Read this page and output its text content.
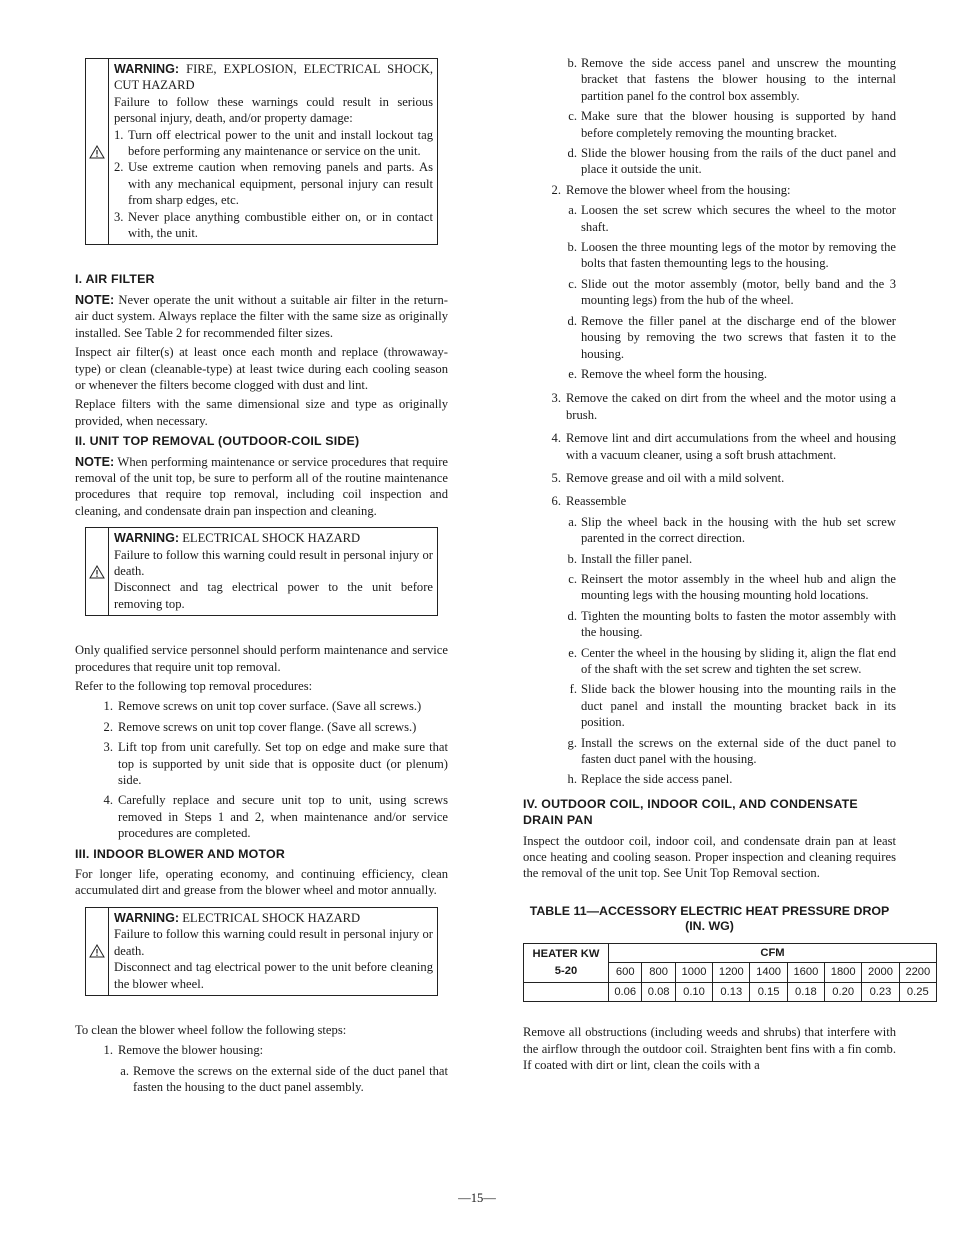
WARNING: FIRE, EXPLOSION, ELECTRICAL SHOCK, CUT HAZARD

Failure to follow these warnings could result in serious personal injury, death, and/or property damage:

1. Turn off electrical power to the unit and install lockout tag before performing any maintenance or service on the unit.
2. Use extreme caution when removing panels and parts. As with any mechanical equipment, personal injury can result from sharp edges, etc.
3. Never place anything combustible either on, or in contact with, the unit.
I. AIR FILTER

NOTE: Never operate the unit without a suitable air filter in the return-air duct system. Always replace the filter with the same size as originally installed. See Table 2 for recommended filter sizes.

Inspect air filter(s) at least once each month and replace (throwaway-type) or clean (cleanable-type) at least twice during each cooling season or whenever the filters become clogged with dust and lint.

Replace filters with the same dimensional size and type as originally provided, when necessary.

II. UNIT TOP REMOVAL (OUTDOOR-COIL SIDE)

NOTE: When performing maintenance or service procedures that require removal of the unit top, be sure to perform all of the routine maintenance procedures that require top removal, including coil inspection and cleaning, and condensate drain pan inspection and cleaning.

WARNING: ELECTRICAL SHOCK HAZARD

Failure to follow this warning could result in personal injury or death.

Disconnect and tag electrical power to the unit before removing top.

Only qualified service personnel should perform maintenance and service procedures that require unit top removal.

Refer to the following top removal procedures:

1. Remove screws on unit top cover surface. (Save all screws.)
2. Remove screws on unit top cover flange. (Save all screws.)
3. Lift top from unit carefully. Set top on edge and make sure that top is supported by unit side that is opposite duct (or plenum) side.
4. Carefully replace and secure unit top to unit, using screws removed in Steps 1 and 2, when maintenance and/or service procedures are completed.
III. INDOOR BLOWER AND MOTOR

For longer life, operating economy, and continuing efficiency, clean accumulated dirt and grease from the blower wheel and motor annually.

WARNING: ELECTRICAL SHOCK HAZARD

Failure to follow this warning could result in personal injury or death.

Disconnect and tag electrical power to the unit before cleaning the blower wheel.

To clean the blower wheel follow the following steps:

1. Remove the blower housing:
a. Remove the screws on the external side of the duct panel that fasten the housing to the duct panel assembly.
b. Remove the side access panel and unscrew the mounting bracket that fastens the blower housing to the internal partition panel fo the control box assembly.
c. Make sure that the blower housing is supported by hand before completely removing the mounting bracket.
d. Slide the blower housing from the rails of the duct panel and place it outside the unit.
2. Remove the blower wheel from the housing:
a. Loosen the set screw which secures the wheel to the motor shaft.
b. Loosen the three mounting legs of the motor by removing the bolts that fasten themounting legs to the housing.
c. Slide out the motor assembly (motor, belly band and the 3 mounting legs) from the hub of the wheel.
d. Remove the filler panel at the discharge end of the blower housing by removing the two screws that fasten it to the housing.
e. Remove the wheel form the housing.
3. Remove the caked on dirt from the wheel and the motor using a brush.
4. Remove lint and dirt accumulations from the wheel and housing with a vacuum cleaner, using a soft brush attachment.
5. Remove grease and oil with a mild solvent.
6. Reassemble
a. Slip the wheel back in the housing with the hub set screw parented in the correct direction.
b. Install the filler panel.
c. Reinsert the motor assembly in the wheel hub and align the mounting legs with the housing mounting hold locations.
d. Tighten the mounting bolts to fasten the motor assembly with the housing.
e. Center the wheel in the housing by sliding it, align the flat end of the shaft with the set screw and tighten the set screw.
f. Slide back the blower housing into the mounting rails in the duct panel and install the mounting bracket back in its position.
g. Install the screws on the external side of the duct panel to fasten duct panel with the housing.
h. Replace the side access panel.
IV. OUTDOOR COIL, INDOOR COIL, AND CONDENSATE DRAIN PAN

Inspect the outdoor coil, indoor coil, and condensate drain pan at least once heating and cooling season. Proper inspection and cleaning requires the removal of the unit top. See Unit Top Removal section.

TABLE 11—ACCESSORY ELECTRIC HEAT PRESSURE DROP
(IN. WG)
HEATER KW
5-20	CFM								
	600	800	1000	1200	1400	1600	1800	2000	2200
	0.06	0.08	0.10	0.13	0.15	0.18	0.20	0.23	0.25

Remove all obstructions (including weeds and shrubs) that interfere with the airflow through the outdoor coil. Straighten bent fins with a fin comb. If coated with dirt or lint, clean the coils with a

—15—
